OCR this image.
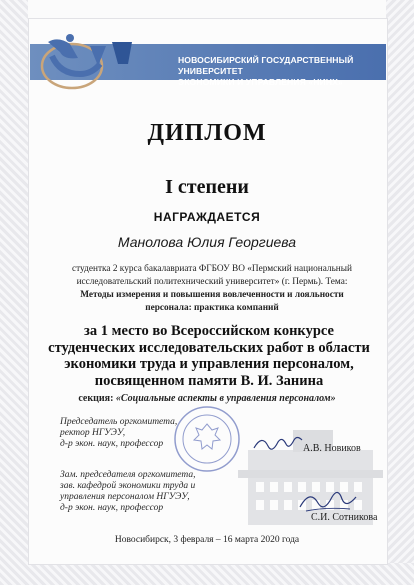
НОВОСИБИРСКИЙ ГОСУДАРСТВЕННЫЙ УНИВЕРСИТЕТ
ЭКОНОМИКИ И УПРАВЛЕНИЯ «НИНХ»
ДИПЛОМ
I степени
НАГРАЖДАЕТСЯ
Манолова Юлия Георгиева
студентка 2 курса бакалавриата ФГБОУ ВО «Пермский национальный исследовательский политехнический университет» (г. Пермь). Тема: Методы измерения и повышения вовлеченности и лояльности персонала: практика компаний
за 1 место во Всероссийском конкурсе студенческих исследовательских работ в области экономики труда и управления персоналом, посвященном памяти В. И. Занина
секция: «Социальные аспекты в управления персоналом»
Председатель оргкомитета,
ректор НГУЭУ,
д-р экон. наук, профессор	А.В. Новиков
Зам. председателя оргкомитета,
зав. кафедрой экономики труда и
управления персоналом НГУЭУ,
д-р экон. наук, профессор
С.И. Сотникова
Новосибирск, 3 февраля – 16 марта 2020 года
